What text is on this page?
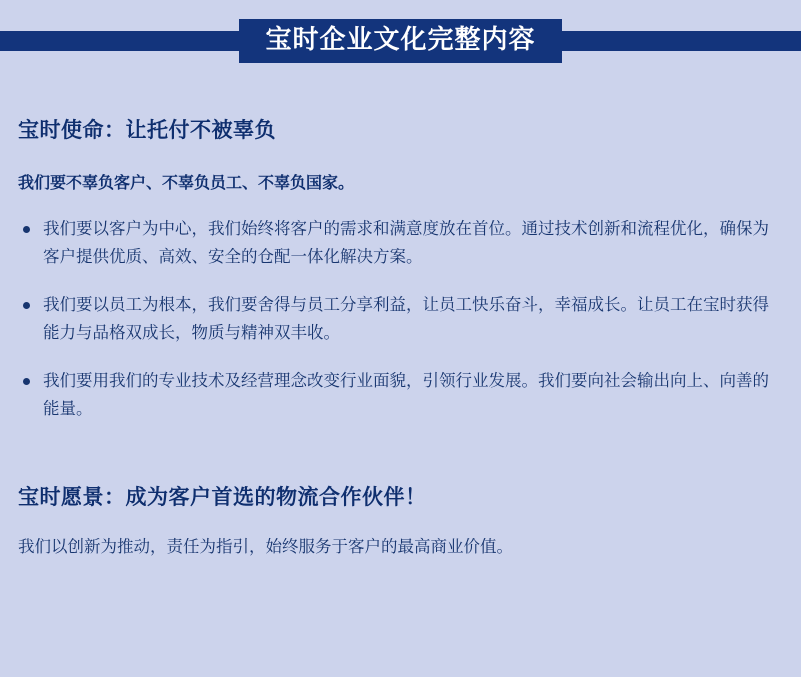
宝时企业文化完整内容
宝时使命：让托付不被辜负
我们要不辜负客户、不辜负员工、不辜负国家。
我们要以客户为中心，我们始终将客户的需求和满意度放在首位。通过技术创新和流程优化，确保为客户提供优质、高效、安全的仓配一体化解决方案。
我们要以员工为根本，我们要舍得与员工分享利益，让员工快乐奋斗，幸福成长。让员工在宝时获得能力与品格双成长，物质与精神双丰收。
我们要用我们的专业技术及经营理念改变行业面貌，引领行业发展。我们要向社会输出向上、向善的能量。
宝时愿景：成为客户首选的物流合作伙伴！
我们以创新为推动，责任为指引，始终服务于客户的最高商业价值。
